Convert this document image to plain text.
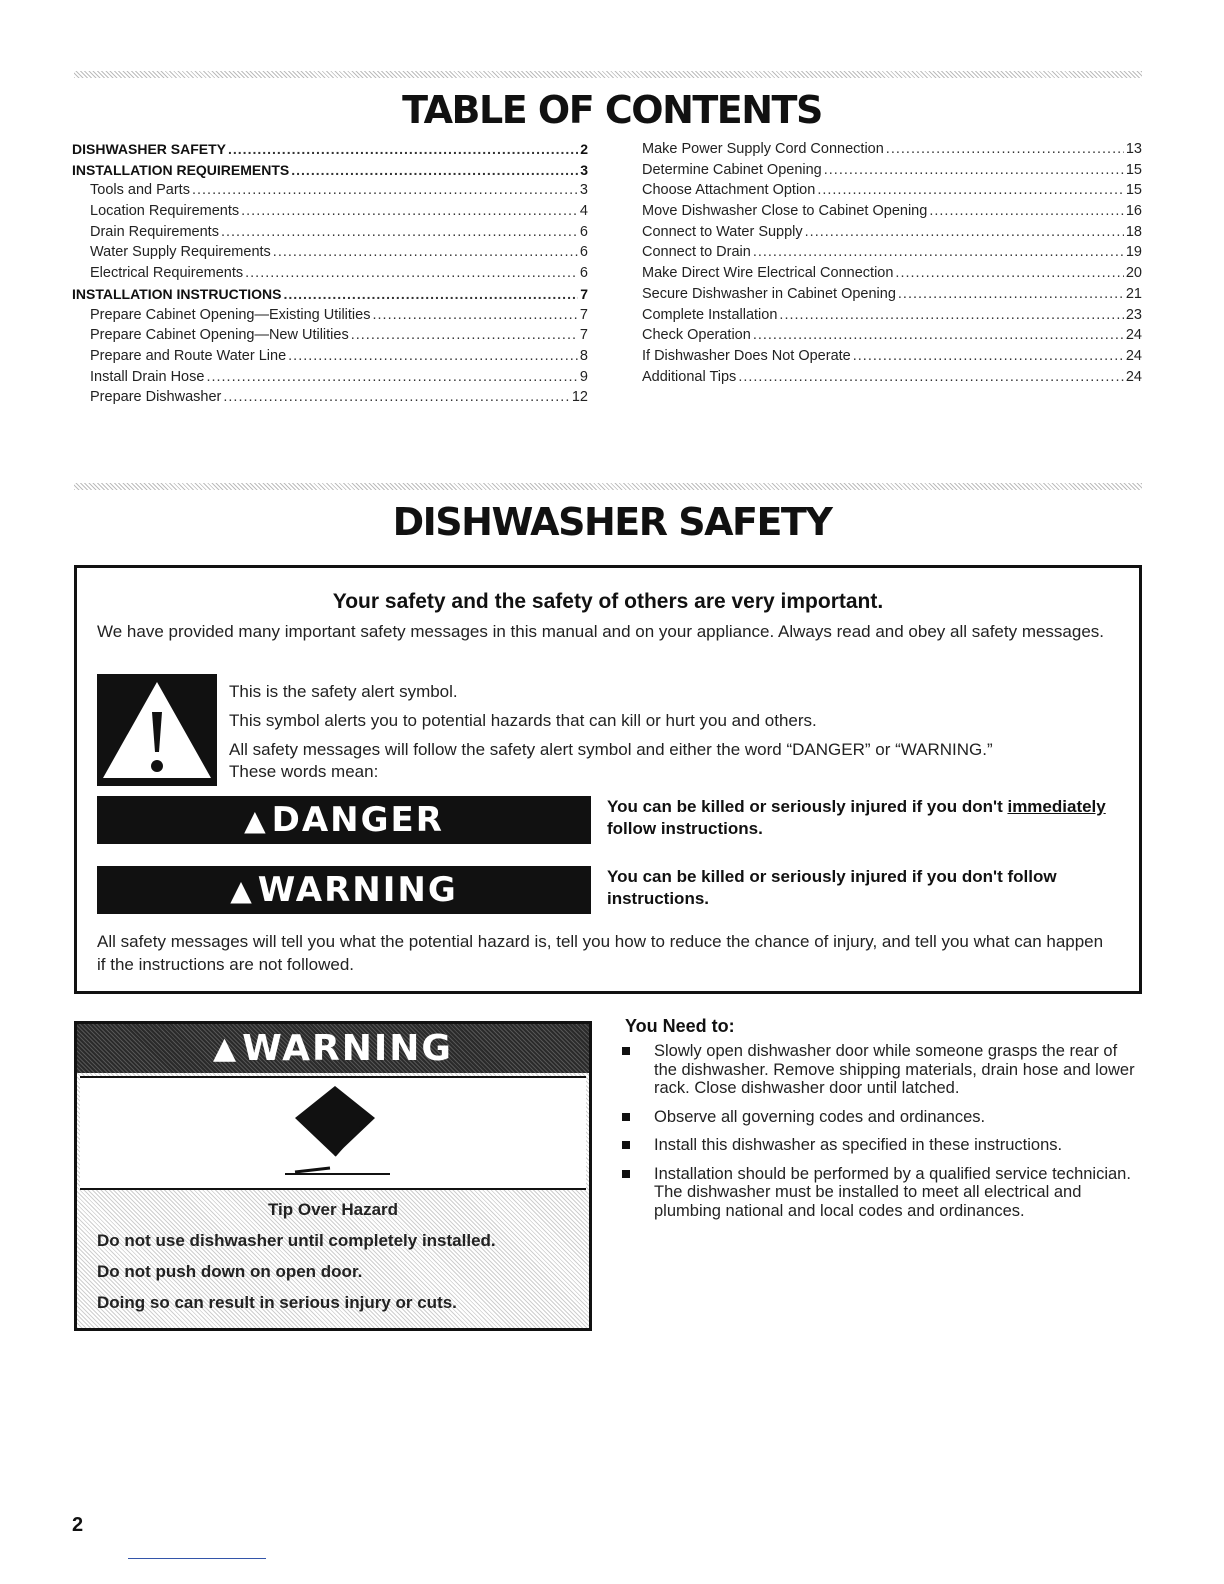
TABLE OF CONTENTS
DISHWASHER SAFETY .....	2
INSTALLATION REQUIREMENTS .....	3
Tools and Parts .....	3
Location Requirements .....	4
Drain Requirements .....	6
Water Supply Requirements .....	6
Electrical Requirements .....	6
INSTALLATION INSTRUCTIONS .....	7
Prepare Cabinet Opening—Existing Utilities .....	7
Prepare Cabinet Opening—New Utilities .....	7
Prepare and Route Water Line .....	8
Install Drain Hose .....	9
Prepare Dishwasher .....	12
Make Power Supply Cord Connection .....	13
Determine Cabinet Opening .....	15
Choose Attachment Option .....	15
Move Dishwasher Close to Cabinet Opening .....	16
Connect to Water Supply .....	18
Connect to Drain .....	19
Make Direct Wire Electrical Connection .....	20
Secure Dishwasher in Cabinet Opening .....	21
Complete Installation .....	23
Check Operation .....	24
If Dishwasher Does Not Operate .....	24
Additional Tips .....	24
DISHWASHER SAFETY
Your safety and the safety of others are very important.
We have provided many important safety messages in this manual and on your appliance. Always read and obey all safety messages.
This is the safety alert symbol.
This symbol alerts you to potential hazards that can kill or hurt you and others.
All safety messages will follow the safety alert symbol and either the word “DANGER” or “WARNING.”
These words mean:
▲ DANGER	You can be killed or seriously injured if you don't immediately follow instructions.
▲ WARNING	You can be killed or seriously injured if you don't follow instructions.
All safety messages will tell you what the potential hazard is, tell you how to reduce the chance of injury, and tell you what can happen if the instructions are not followed.
▲ WARNING
Tip Over Hazard
Do not use dishwasher until completely installed.
Do not push down on open door.
Doing so can result in serious injury or cuts.
You Need to:
Slowly open dishwasher door while someone grasps the rear of the dishwasher. Remove shipping materials, drain hose and lower rack. Close dishwasher door until latched.
Observe all governing codes and ordinances.
Install this dishwasher as specified in these instructions.
Installation should be performed by a qualified service technician. The dishwasher must be installed to meet all electrical and plumbing national and local codes and ordinances.
2
